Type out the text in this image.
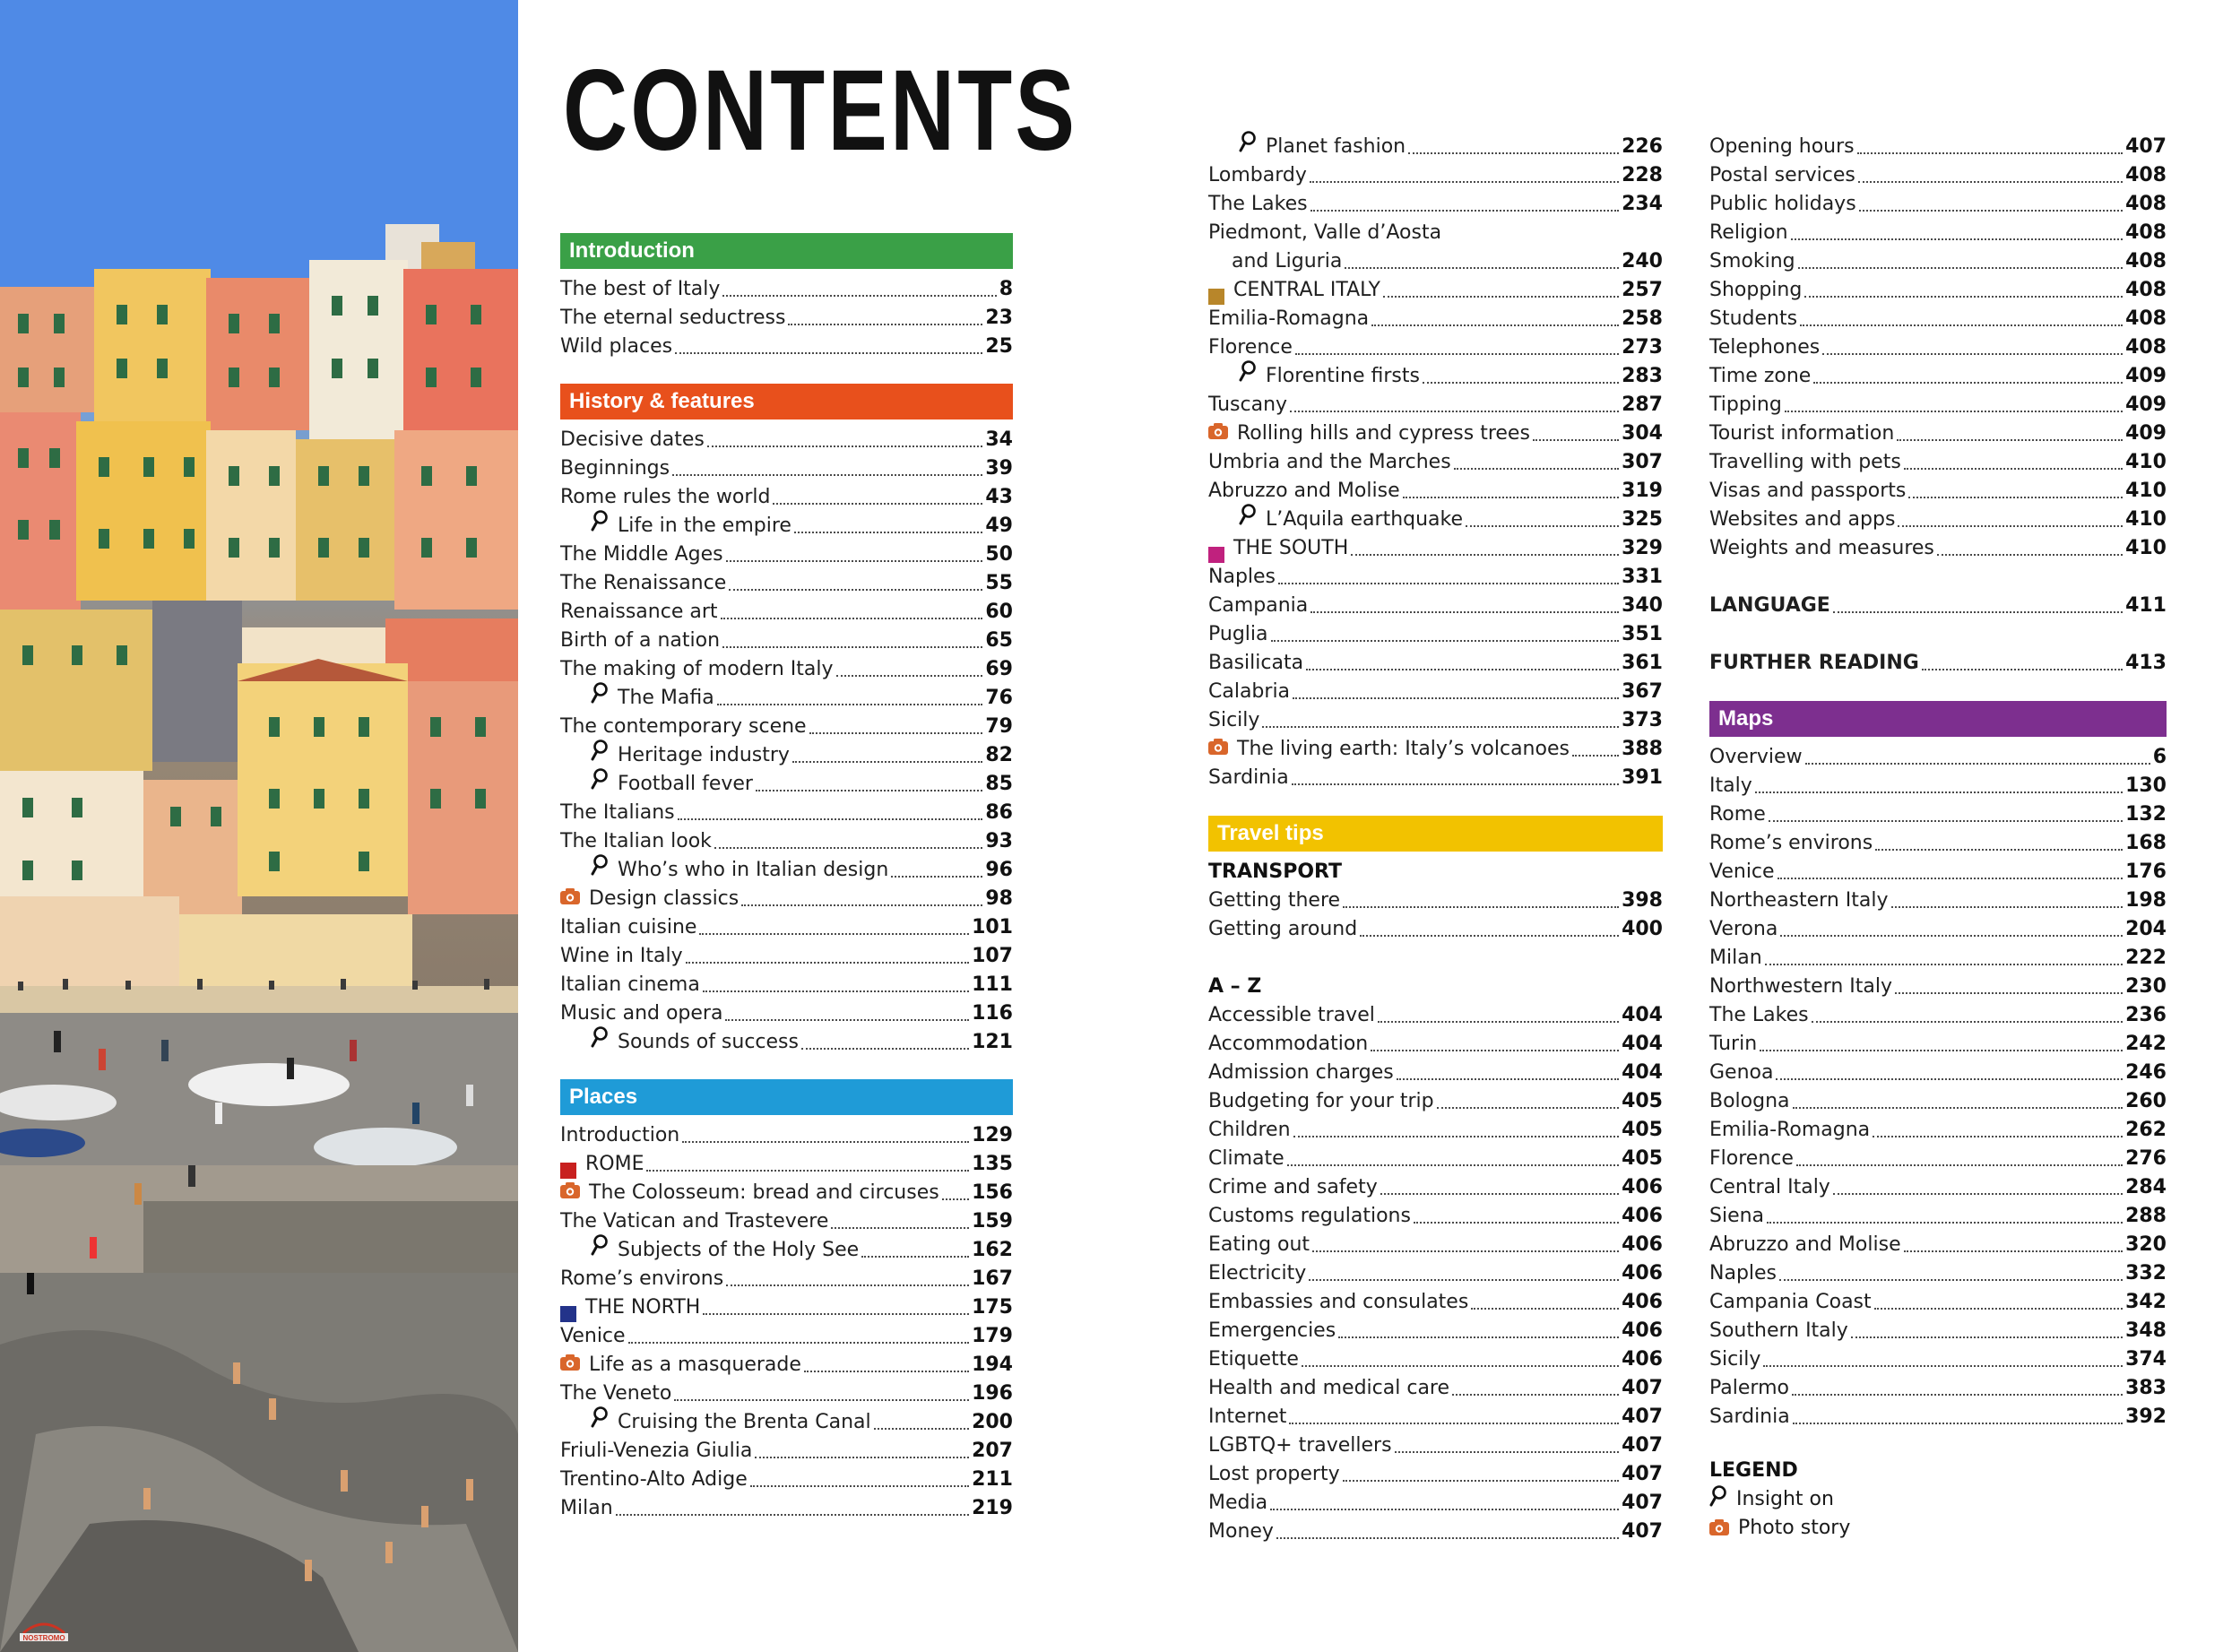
NOSTROMO
CONTENTS
Introduction
The best of Italy	8
The eternal seductress	23
Wild places	25
History & features
Decisive dates	34
Beginnings	39
Rome rules the world	43
Life in the empire	49
The Middle Ages	50
The Renaissance	55
Renaissance art	60
Birth of a nation	65
The making of modern Italy	69
The Mafia	76
The contemporary scene	79
Heritage industry	82
Football fever	85
The Italians	86
The Italian look	93
Who’s who in Italian design	96
Design classics	98
Italian cuisine	101
Wine in Italy	107
Italian cinema	111
Music and opera	116
Sounds of success	121
Places
Introduction	129
ROME	135
The Colosseum: bread and circuses 156
The Vatican and Trastevere	159
Subjects of the Holy See	162
Rome’s environs	167
THE NORTH	175
Venice	179
Life as a masquerade	194
The Veneto	196
Cruising the Brenta Canal	200
Friuli-Venezia Giulia	207
Trentino-Alto Adige	211
Milan	219
Planet fashion	226
Lombardy	228
The Lakes	234
Piedmont, Valle d’Aosta
and Liguria	240
CENTRAL ITALY	257
Emilia-Romagna	258
Florence	273
Florentine firsts	283
Tuscany	287
Rolling hills and cypress trees	304
Umbria and the Marches	307
Abruzzo and Molise	319
L’Aquila earthquake	325
THE SOUTH	329
Naples	331
Campania	340
Puglia	351
Basilicata	361
Calabria	367
Sicily	373
The living earth: Italy’s volcanoes	388
Sardinia	391
Travel tips
TRANSPORT
Getting there	398
Getting around	400
A – Z
Accessible travel	404
Accommodation	404
Admission charges	404
Budgeting for your trip	405
Children	405
Climate	405
Crime and safety	406
Customs regulations	406
Eating out	406
Electricity	406
Embassies and consulates	406
Emergencies	406
Etiquette	406
Health and medical care	407
Internet	407
LGBTQ+ travellers	407
Lost property	407
Media	407
Money	407
Opening hours	407
Postal services	408
Public holidays	408
Religion	408
Smoking	408
Shopping	408
Students	408
Telephones	408
Time zone	409
Tipping	409
Tourist information	409
Travelling with pets	410
Visas and passports	410
Websites and apps	410
Weights and measures	410
LANGUAGE	411
FURTHER READING	413
Maps
Overview	6
Italy	130
Rome	132
Rome’s environs	168
Venice	176
Northeastern Italy	198
Verona	204
Milan	222
Northwestern Italy	230
The Lakes	236
Turin	242
Genoa	246
Bologna	260
Emilia-Romagna	262
Florence	276
Central Italy	284
Siena	288
Abruzzo and Molise	320
Naples	332
Campania Coast	342
Southern Italy	348
Sicily	374
Palermo	383
Sardinia	392
LEGEND
Insight on
Photo story
